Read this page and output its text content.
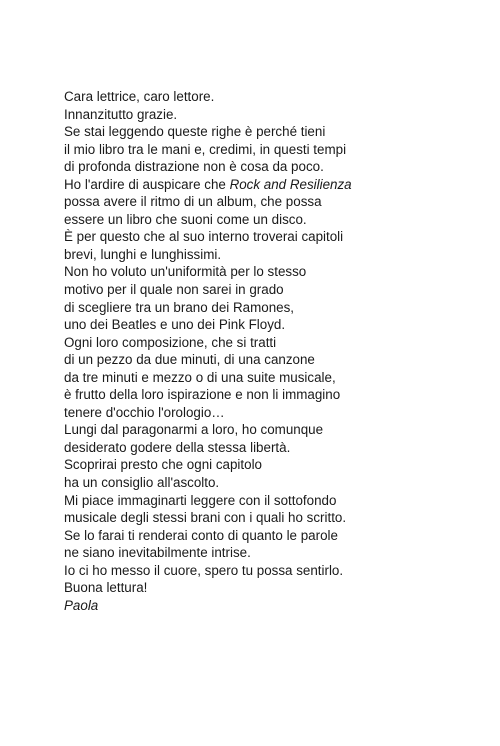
Cara lettrice, caro lettore.
Innanzitutto grazie.
Se stai leggendo queste righe è perché tieni
il mio libro tra le mani e, credimi, in questi tempi
di profonda distrazione non è cosa da poco.
Ho l'ardire di auspicare che Rock and Resilienza
possa avere il ritmo di un album, che possa
essere un libro che suoni come un disco.
È per questo che al suo interno troverai capitoli
brevi, lunghi e lunghissimi.
Non ho voluto un'uniformità per lo stesso
motivo per il quale non sarei in grado
di scegliere tra un brano dei Ramones,
uno dei Beatles e uno dei Pink Floyd.
Ogni loro composizione, che si tratti
di un pezzo da due minuti, di una canzone
da tre minuti e mezzo o di una suite musicale,
è frutto della loro ispirazione e non li immagino
tenere d'occhio l'orologio…
Lungi dal paragonarmi a loro, ho comunque
desiderato godere della stessa libertà.
Scoprirai presto che ogni capitolo
ha un consiglio all'ascolto.
Mi piace immaginarti leggere con il sottofondo
musicale degli stessi brani con i quali ho scritto.
Se lo farai ti renderai conto di quanto le parole
ne siano inevitabilmente intrise.
Io ci ho messo il cuore, spero tu possa sentirlo.
Buona lettura!
Paola
